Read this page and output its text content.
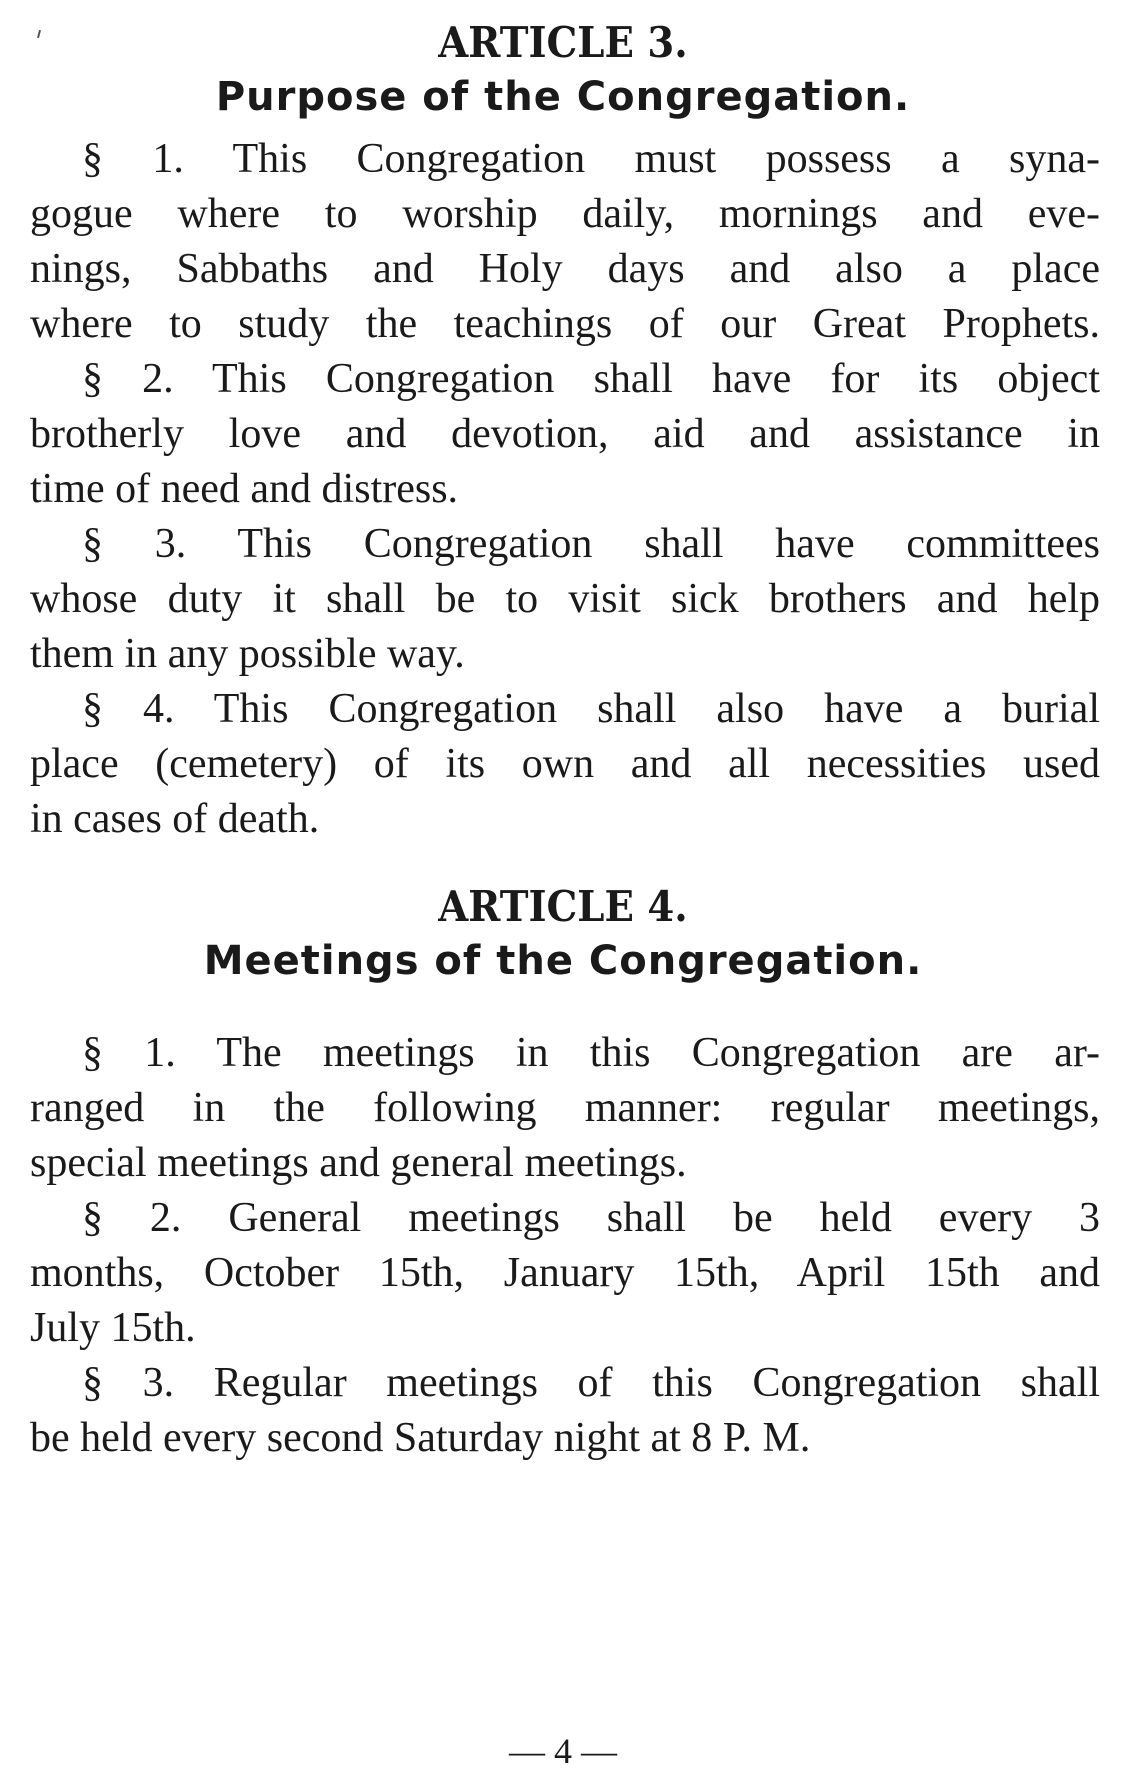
ARTICLE 3.
Purpose of the Congregation.
§ 1. This Congregation must possess a syna-
gogue where to worship daily, mornings and eve-
nings, Sabbaths and Holy days and also a place
where to study the teachings of our Great Prophets.
§ 2. This Congregation shall have for its object
brotherly love and devotion, aid and assistance in
time of need and distress.
§ 3. This Congregation shall have committees
whose duty it shall be to visit sick brothers and help
them in any possible way.
§ 4. This Congregation shall also have a burial
place (cemetery) of its own and all necessities used
in cases of death.
ARTICLE 4.
Meetings of the Congregation.
§ 1. The meetings in this Congregation are ar-
ranged in the following manner: regular meetings,
special meetings and general meetings.
§ 2. General meetings shall be held every 3
months, October 15th, January 15th, April 15th and
July 15th.
§ 3. Regular meetings of this Congregation shall
be held every second Saturday night at 8 P. M.
— 4 —
